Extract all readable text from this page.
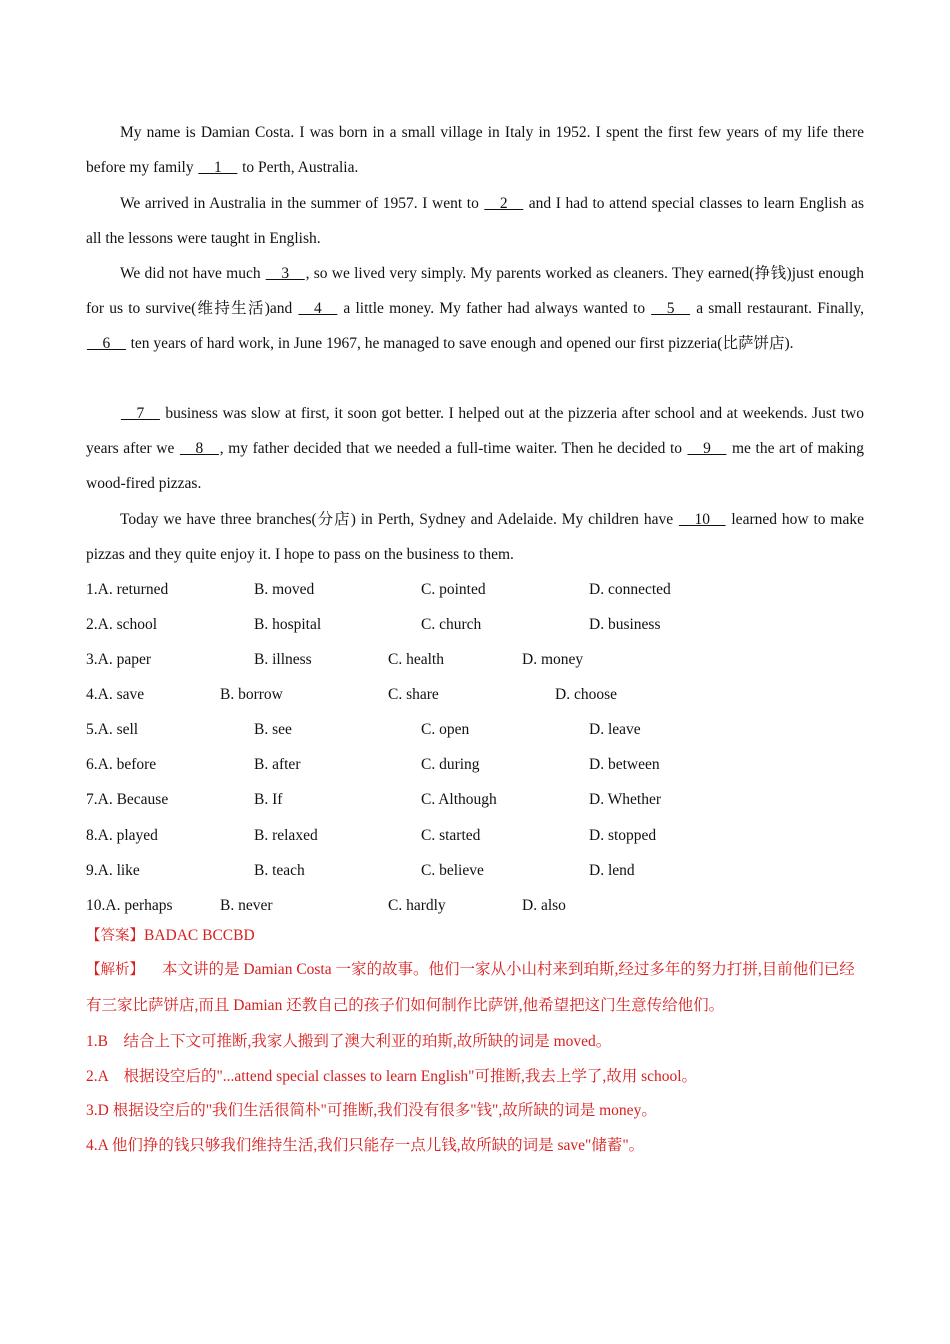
My name is Damian Costa. I was born in a small village in Italy in 1952. I spent the first few years of my life there before my family __1__ to Perth, Australia.

We arrived in Australia in the summer of 1957. I went to __2__ and I had to attend special classes to learn English as all the lessons were taught in English.

We did not have much __3__, so we lived very simply. My parents worked as cleaners. They earned(挣钱)just enough for us to survive(维持生活)and __4__ a little money. My father had always wanted to __5__ a small restaurant. Finally, __6__ ten years of hard work, in June 1967, he managed to save enough and opened our first pizzeria(比萨饼店).

__7__ business was slow at first, it soon got better. I helped out at the pizzeria after school and at weekends. Just two years after we __8__, my father decided that we needed a full-time waiter. Then he decided to __9__ me the art of making wood-fired pizzas.

Today we have three branches(分店) in Perth, Sydney and Adelaide. My children have __10__ learned how to make pizzas and they quite enjoy it. I hope to pass on the business to them.

1.A. returned	B. moved	C. pointed	D. connected
2.A. school	B. hospital	C. church	D. business
3.A. paper	B. illness	C. health	D. money
4.A. save	B. borrow	C. share	D. choose
5.A. sell	B. see	C. open	D. leave
6.A. before	B. after	C. during	D. between
7.A. Because	B. If	C. Although	D. Whether
8.A. played	B. relaxed	C. started	D. stopped
9.A. like	B. teach	C. believe	D. lend
10.A. perhaps	B. never	C. hardly	D. also
【答案】BADAC BCCBD

【解析】 本文讲的是 Damian Costa 一家的故事。他们一家从小山村来到珀斯,经过多年的努力打拼,目前他们已经有三家比萨饼店,而且 Damian 还教自己的孩子们如何制作比萨饼,他希望把这门生意传给他们。

1.B　结合上下文可推断,我家人搬到了澳大利亚的珀斯,故所缺的词是 moved。
2.A　根据设空后的"...attend special classes to learn English"可推断,我去上学了,故用 school。
3.D 根据设空后的"我们生活很简朴"可推断,我们没有很多"钱",故所缺的词是 money。
4.A 他们挣的钱只够我们维持生活,我们只能存一点儿钱,故所缺的词是 save"储蓄"。
